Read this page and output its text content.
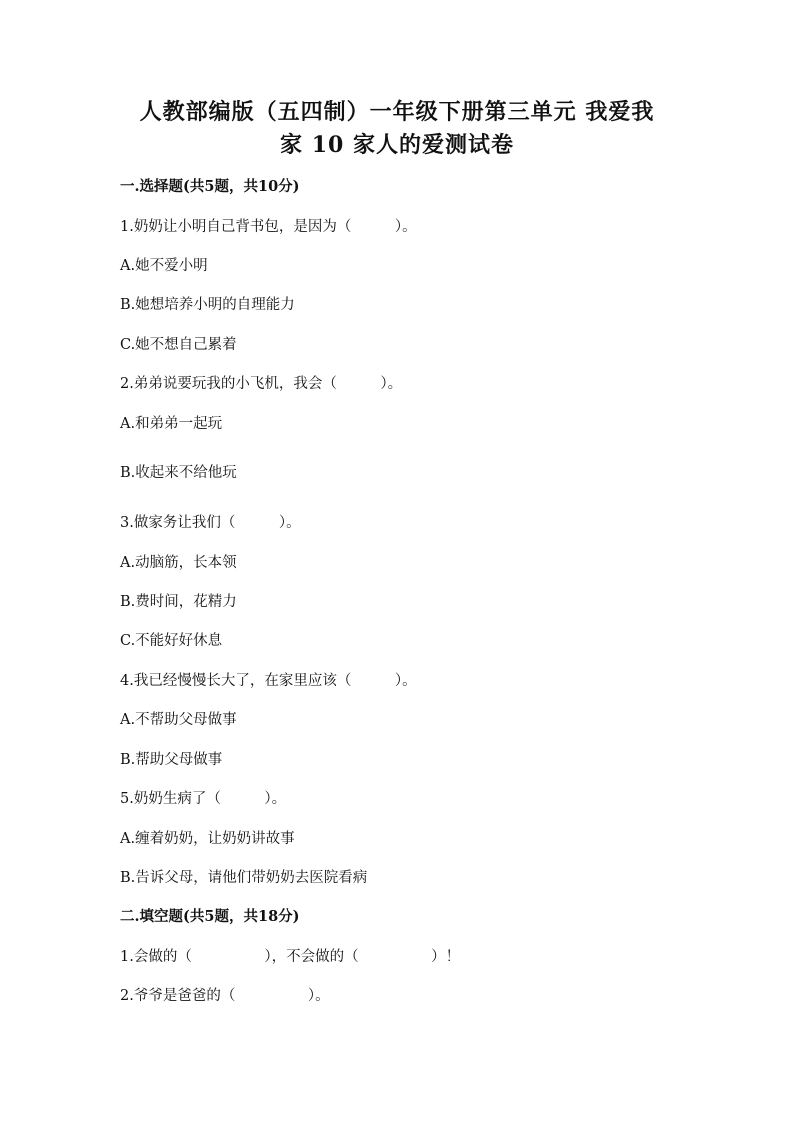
人教部编版（五四制）一年级下册第三单元 我爱我
家 10 家人的爱测试卷
一.选择题(共5题，共10分)
1.奶奶让小明自己背书包，是因为（　　　）。
A.她不爱小明
B.她想培养小明的自理能力
C.她不想自己累着
2.弟弟说要玩我的小飞机，我会（　　　）。
A.和弟弟一起玩
B.收起来不给他玩
3.做家务让我们（　　　）。
A.动脑筋，长本领
B.费时间，花精力
C.不能好好休息
4.我已经慢慢长大了，在家里应该（　　　）。
A.不帮助父母做事
B.帮助父母做事
5.奶奶生病了（　　　）。
A.缠着奶奶，让奶奶讲故事
B.告诉父母，请他们带奶奶去医院看病
二.填空题(共5题，共18分)
1.会做的（　　　　　），不会做的（　　　　　）！
2.爷爷是爸爸的（　　　　　）。
